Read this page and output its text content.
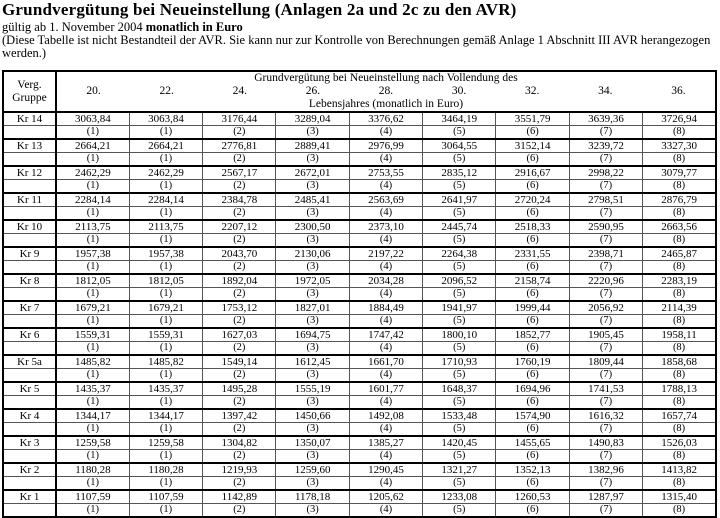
Grundvergütung bei Neueinstellung (Anlagen 2a und 2c zu den AVR)
gültig ab 1. November 2004 monatlich in Euro
(Diese Tabelle ist nicht Bestandteil der AVR. Sie kann nur zur Kontrolle von Berechnungen gemäß Anlage 1 Abschnitt III AVR herangezogen werden.)
Verg.
Gruppe

Grundvergütung bei Neueinstellung nach Vollendung des
20.	22.	24.	26.	28.	30.	32.	34.	36.
Lebensjahres (monatlich in Euro)

Kr 14	3063,84	3063,84	3176,44	3289,04	3376,62	3464,19	3551,79	3639,36	3726,94
	(1)	(1)	(2)	(3)	(4)	(5)	(6)	(7)	(8)
Kr 13	2664,21	2664,21	2776,81	2889,41	2976,99	3064,55	3152,14	3239,72	3327,30
	(1)	(1)	(2)	(3)	(4)	(5)	(6)	(7)	(8)
Kr 12	2462,29	2462,29	2567,17	2672,01	2753,55	2835,12	2916,67	2998,22	3079,77
	(1)	(1)	(2)	(3)	(4)	(5)	(6)	(7)	(8)
Kr 11	2284,14	2284,14	2384,78	2485,41	2563,69	2641,97	2720,24	2798,51	2876,79
	(1)	(1)	(2)	(3)	(4)	(5)	(6)	(7)	(8)
Kr 10	2113,75	2113,75	2207,12	2300,50	2373,10	2445,74	2518,33	2590,95	2663,56
	(1)	(1)	(2)	(3)	(4)	(5)	(6)	(7)	(8)
Kr 9	1957,38	1957,38	2043,70	2130,06	2197,22	2264,38	2331,55	2398,71	2465,87
	(1)	(1)	(2)	(3)	(4)	(5)	(6)	(7)	(8)
Kr 8	1812,05	1812,05	1892,04	1972,05	2034,28	2096,52	2158,74	2220,96	2283,19
	(1)	(1)	(2)	(3)	(4)	(5)	(6)	(7)	(8)
Kr 7	1679,21	1679,21	1753,12	1827,01	1884,49	1941,97	1999,44	2056,92	2114,39
	(1)	(1)	(2)	(3)	(4)	(5)	(6)	(7)	(8)
Kr 6	1559,31	1559,31	1627,03	1694,75	1747,42	1800,10	1852,77	1905,45	1958,11
	(1)	(1)	(2)	(3)	(4)	(5)	(6)	(7)	(8)
Kr 5a	1485,82	1485,82	1549,14	1612,45	1661,70	1710,93	1760,19	1809,44	1858,68
	(1)	(1)	(2)	(3)	(4)	(5)	(6)	(7)	(8)
Kr 5	1435,37	1435,37	1495,28	1555,19	1601,77	1648,37	1694,96	1741,53	1788,13
	(1)	(1)	(2)	(3)	(4)	(5)	(6)	(7)	(8)
Kr 4	1344,17	1344,17	1397,42	1450,66	1492,08	1533,48	1574,90	1616,32	1657,74
	(1)	(1)	(2)	(3)	(4)	(5)	(6)	(7)	(8)
Kr 3	1259,58	1259,58	1304,82	1350,07	1385,27	1420,45	1455,65	1490,83	1526,03
	(1)	(1)	(2)	(3)	(4)	(5)	(6)	(7)	(8)
Kr 2	1180,28	1180,28	1219,93	1259,60	1290,45	1321,27	1352,13	1382,96	1413,82
	(1)	(1)	(2)	(3)	(4)	(5)	(6)	(7)	(8)
Kr 1	1107,59	1107,59	1142,89	1178,18	1205,62	1233,08	1260,53	1287,97	1315,40
	(1)	(1)	(2)	(3)	(4)	(5)	(6)	(7)	(8)
